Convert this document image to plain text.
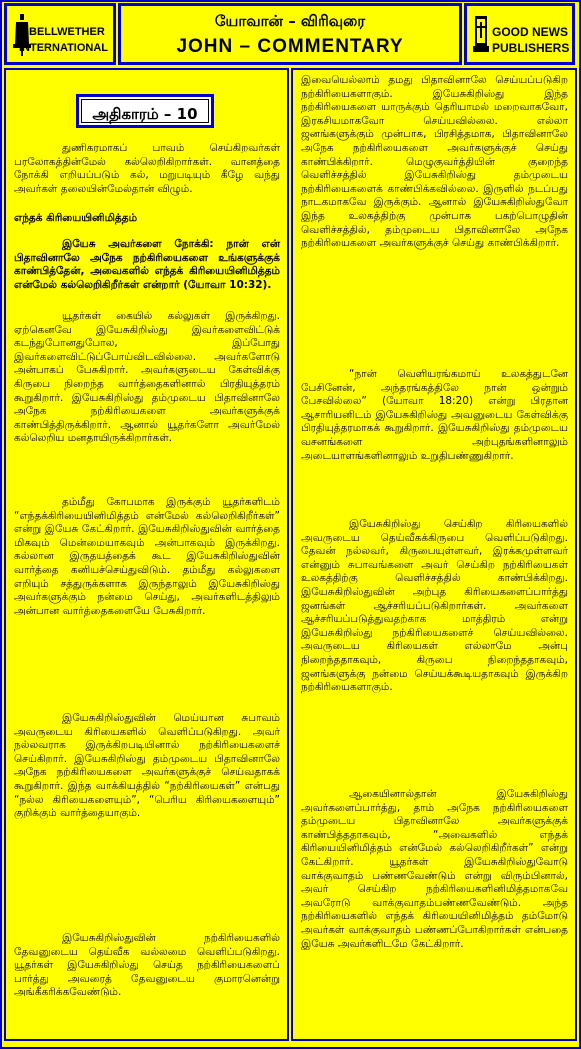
BELLWETHER
INTERNATIONAL
யோவான் – விரிவுரை
JOHN – COMMENTARY
GOOD NEWS
PUBLISHERS
அதிகாரம் – 10

துணிகரமாகப் பாவம் செய்கிறவர்கள் பரலோகத்தின்மேல் கல்லெறிகிறார்கள். வானத்தை நோக்கி எறியப்படும் கல், மறுபடியும் கீழே வந்து அவர்கள் தலையின்மேல்தான் விழும்.

எந்தக் கிரியையினிமித்தம்

இயேசு அவர்களை நோக்கி: நான் என் பிதாவினாலே அநேக நற்கிரியைகளை உங்களுக்குக் காண்பித்தேன், அவைகளில் எந்தக் கிரியையினிமித்தம் என்மேல் கல்லெறிகிறீர்கள் என்றார் (யோவா 10:32).

யூதர்கள் கையில் கல்லுகள் இருக்கிறது. ஏற்கெனவே இயேசுகிறிஸ்து இவர்களைவிட்டுக் கடந்துபோனதுபோல, இப்போது இவர்களைவிட்டுப்போய்விடவில்லை. அவர்களோடு அன்பாகப் பேசுகிறார். அவர்களுடைய கேள்விக்கு கிருபை நிறைந்த வார்த்தைகளினால் பிரதியுத்தரம் கூறுகிறார். இயேசுகிறிஸ்து தம்முடைய பிதாவினாலே அநேக நற்கிரியைகளை அவர்களுக்குக் காண்பித்திருக்கிறார். ஆனால் யூதர்களோ அவர்மேல் கல்லெறிய மனதாயிருக்கிறார்கள்.

தம்மீது கோபமாக இருக்கும் யூதர்களிடம் “எந்தக்கிரியையினிமித்தம் என்மேல் கல்லெறிகிறீர்கள்” என்று இயேசு கேட்கிறார். இயேசுகிறிஸ்துவின் வார்த்தை மிகவும் மென்மையாகவும் அன்பாகவும் இருக்கிறது. கல்லான இருதயத்தைக் கூட இயேசுகிறிஸ்துவின் வார்த்தை கனியச்செய்துவிடும். தம்மீது கல்லுகளை எறியும் சத்துருக்களாக இருந்தாலும் இயேசுகிறிஸ்து அவர்களுக்கும் நன்மை செய்து, அவர்களிடத்திலும் அன்பான வார்த்தைகளையே பேசுகிறார்.

இயேசுகிறிஸ்துவின் மெய்யான சுபாவம் அவருடைய கிரியைகளில் வெளிப்படுகிறது. அவர் நல்லவராக இருக்கிறபடியினால் நற்கிரியைகளைச் செய்கிறார். இயேசுகிறிஸ்து தம்முடைய பிதாவினாலே அநேக நற்கிரியைகளை அவர்களுக்குச் செய்வதாகக் கூறுகிறார். இந்த வாக்கியத்தில் “நற்கிரியைகள்” என்பது “நல்ல கிரியைகளையும்”, “பெரிய கிரியைகளையும்” குறிக்கும் வார்த்தையாகும்.

இயேசுகிறிஸ்துவின் நற்கிரியைகளில் தேவனுடைய தெய்வீக வல்லமை வெளிப்படுகிறது. யூதர்கள் இயேசுகிறிஸ்து செய்த நற்கிரியைகளைப் பார்த்து அவரைத் தேவனுடைய குமாரனென்று அங்கீகரிக்கவேண்டும்.

இவையெல்லாம் தமது பிதாவினாலே செய்யப்படுகிற நற்கிரியைகளாகும். இயேசுகிறிஸ்து இந்த நற்கிரியைகளை யாருக்கும் தெரியாமல் மறைவாகவோ, இரகசியமாகவோ செய்யவில்லை. எல்லா ஜனங்களுக்கும் முன்பாக, பிரசித்தமாக, பிதாவினாலே அநேக நற்கிரியைகளை அவர்களுக்குச் செய்து காண்பிக்கிறார். மெழுகுவர்த்தியின் குறைந்த வெளிச்சத்தில் இயேசுகிறிஸ்து தம்முடைய நற்கிரியைகளைக் காண்பிக்கவில்லை. இருளில் நடப்பது நாடகமாகவே இருக்கும். ஆனால் இயேசுகிறிஸ்துவோ இந்த உலகத்திற்கு முன்பாக பகற்பொழுதின் வெளிச்சத்தில், தம்முடைய பிதாவினாலே அநேக நற்கிரியைகளை அவர்களுக்குச் செய்து காண்பிக்கிறார்.

“நான் வெளியரங்கமாய் உலகத்துடனே பேசினேன், அந்தரங்கத்திலே நான் ஒன்றும் பேசவில்லை” (யோவா 18:20) என்று பிரதான ஆசாரியனிடம் இயேசுகிறிஸ்து அவனுடைய கேள்விக்கு பிரதியுத்தரமாகக் கூறுகிறார். இயேசுகிறிஸ்து தம்முடைய வசனங்களை அற்புதங்களினாலும் அடையாளங்களினாலும் உறுதிபண்ணுகிறார்.

இயேசுகிறிஸ்து செய்கிற கிரியைகளில் அவருடைய தெய்வீகக்கிருபை வெளிப்படுகிறது. தேவன் நல்லவர், கிருபையுள்ளவர், இரக்கமுள்ளவர் என்னும் சுபாவங்களை அவர் செய்கிற நற்கிரியைகள் உலகத்திற்கு வெளிச்சத்தில் காண்பிக்கிறது. இயேசுகிறிஸ்துவின் அற்புத கிரியைகளைப்பார்த்து ஜனங்கள் ஆச்சரியப்படுகிறார்கள். அவர்களை ஆச்சரியப்படுத்துவதற்காக மாத்திரம் என்று இயேசுகிறிஸ்து நற்கிரியைகளைச் செய்யவில்லை. அவருடைய கிரியைகள் எல்லாமே அன்பு நிறைந்ததாகவும், கிருபை நிறைந்ததாகவும், ஜனங்களுக்கு நன்மை செய்யக்கூடியதாகவும் இருக்கிற நற்கிரியைகளாகும்.

ஆகையினால்தான் இயேசுகிறிஸ்து அவர்களைப்பார்த்து, தாம் அநேக நற்கிரியைகளை தம்முடைய பிதாவினாலே அவர்களுக்குக் காண்பித்ததாகவும், “அவைகளில் எந்தக் கிரியையினிமித்தம் என்மேல் கல்லெறிகிறீர்கள்” என்று கேட்கிறார். யூதர்கள் இயேசுகிறிஸ்துவோடு வாக்குவாதம் பண்ணவேண்டும் என்று விரும்பினால், அவர் செய்கிற நற்கிரியைகளினிமித்தமாகவே அவரோடு வாக்குவாதம்பண்ணவேண்டும். அந்த நற்கிரியைகளில் எந்தக் கிரியையினிமித்தம் தம்மோடு அவர்கள் வாக்குவாதம் பண்ணப்போகிறார்கள் என்பதை இயேசு அவர்களிடமே கேட்கிறார்.
